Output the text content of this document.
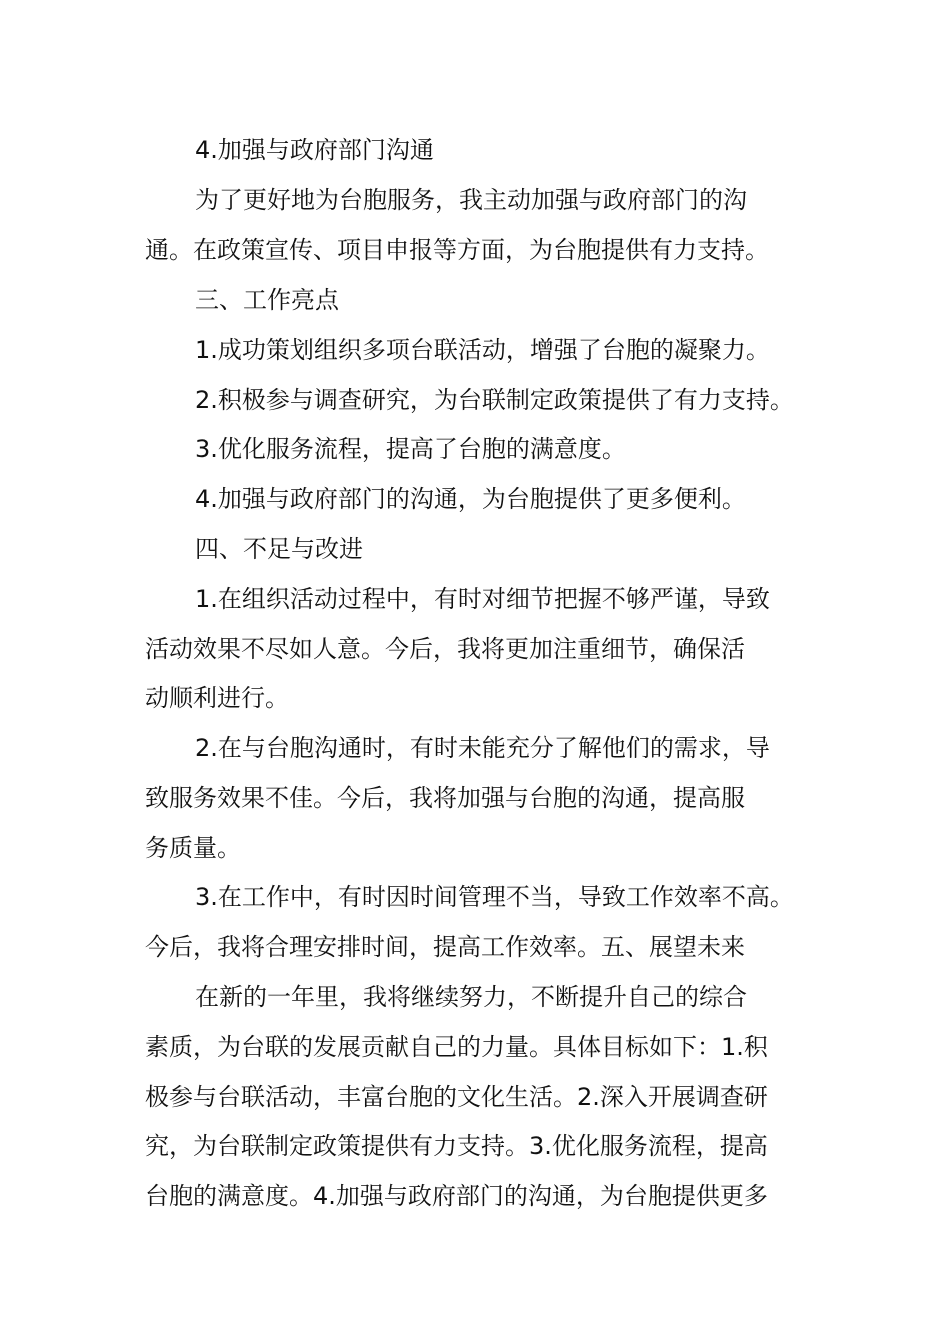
4.加强与政府部门沟通
为了更好地为台胞服务，我主动加强与政府部门的沟
通。在政策宣传、项目申报等方面，为台胞提供有力支持。
三、工作亮点
1.成功策划组织多项台联活动，增强了台胞的凝聚力。
2.积极参与调查研究，为台联制定政策提供了有力支持。
3.优化服务流程，提高了台胞的满意度。
4.加强与政府部门的沟通，为台胞提供了更多便利。
四、不足与改进
1.在组织活动过程中，有时对细节把握不够严谨，导致
活动效果不尽如人意。今后，我将更加注重细节，确保活
动顺利进行。
2.在与台胞沟通时，有时未能充分了解他们的需求，导
致服务效果不佳。今后，我将加强与台胞的沟通，提高服
务质量。
3.在工作中，有时因时间管理不当，导致工作效率不高。
今后，我将合理安排时间，提高工作效率。五、展望未来
在新的一年里，我将继续努力，不断提升自己的综合
素质，为台联的发展贡献自己的力量。具体目标如下：1.积
极参与台联活动，丰富台胞的文化生活。2.深入开展调查研
究，为台联制定政策提供有力支持。3.优化服务流程，提高
台胞的满意度。4.加强与政府部门的沟通，为台胞提供更多
